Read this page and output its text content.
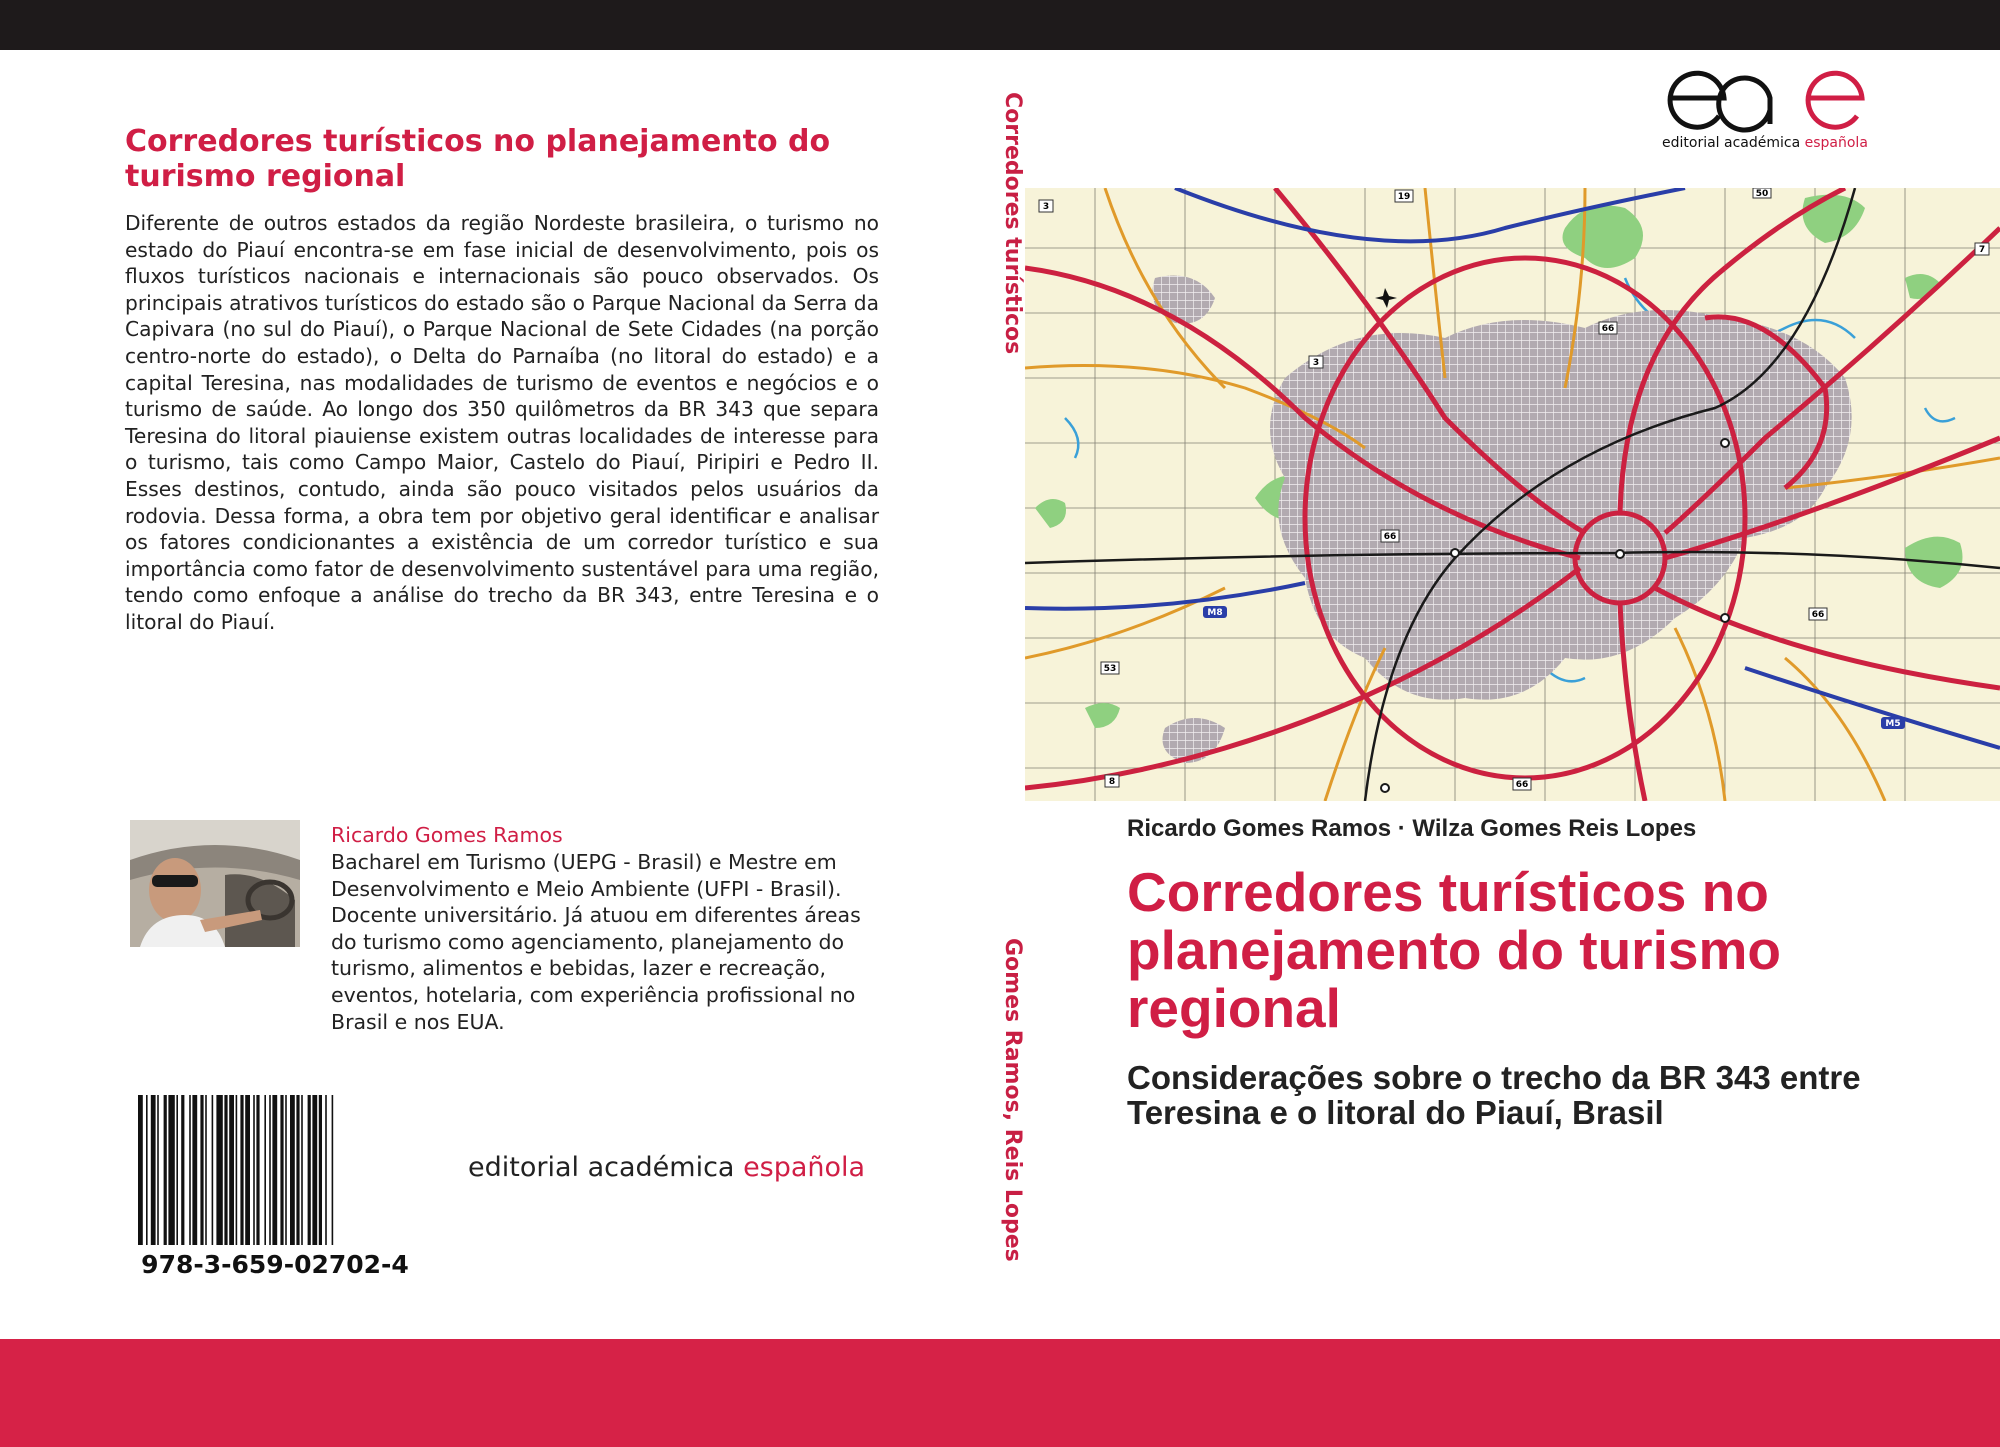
Corredores turísticos no planejamento do turismo regional

Diferente de outros estados da região Nordeste brasileira, o turismo no estado do Piauí encontra-se em fase inicial de desenvolvimento, pois os fluxos turísticos nacionais e internacionais são pouco observados. Os principais atrativos turísticos do estado são o Parque Nacional da Serra da Capivara (no sul do Piauí), o Parque Nacional de Sete Cidades (na porção centro-norte do estado), o Delta do Parnaíba (no litoral do estado) e a capital Teresina, nas modalidades de turismo de eventos e negócios e o turismo de saúde. Ao longo dos 350 quilômetros da BR 343 que separa Teresina do litoral piauiense existem outras localidades de interesse para o turismo, tais como Campo Maior, Castelo do Piauí, Piripiri e Pedro II. Esses destinos, contudo, ainda são pouco visitados pelos usuários da rodovia. Dessa forma, a obra tem por objetivo geral identificar e analisar os fatores condicionantes a existência de um corredor turístico e sua importância como fator de desenvolvimento sustentável para uma região, tendo como enfoque a análise do trecho da BR 343, entre Teresina e o litoral do Piauí.

Ricardo Gomes Ramos

Bacharel em Turismo (UEPG - Brasil) e Mestre em Desenvolvimento e Meio Ambiente (UFPI - Brasil). Docente universitário. Já atuou em diferentes áreas do turismo como agenciamento, planejamento do turismo, alimentos e bebidas, lazer e recreação, eventos, hotelaria, com experiência profissional no Brasil e nos EUA.

978-3-659-02702-4

editorial académica española
Corredores turísticos
Gomes Ramos, Reis Lopes
editorial académica española
3
19	50
7
3
66
66
66
66
M8
53
8
M5

Ricardo Gomes Ramos · Wilza Gomes Reis Lopes

Corredores turísticos no planejamento do turismo regional
Considerações sobre o trecho da BR 343 entre Teresina e o litoral do Piauí, Brasil
